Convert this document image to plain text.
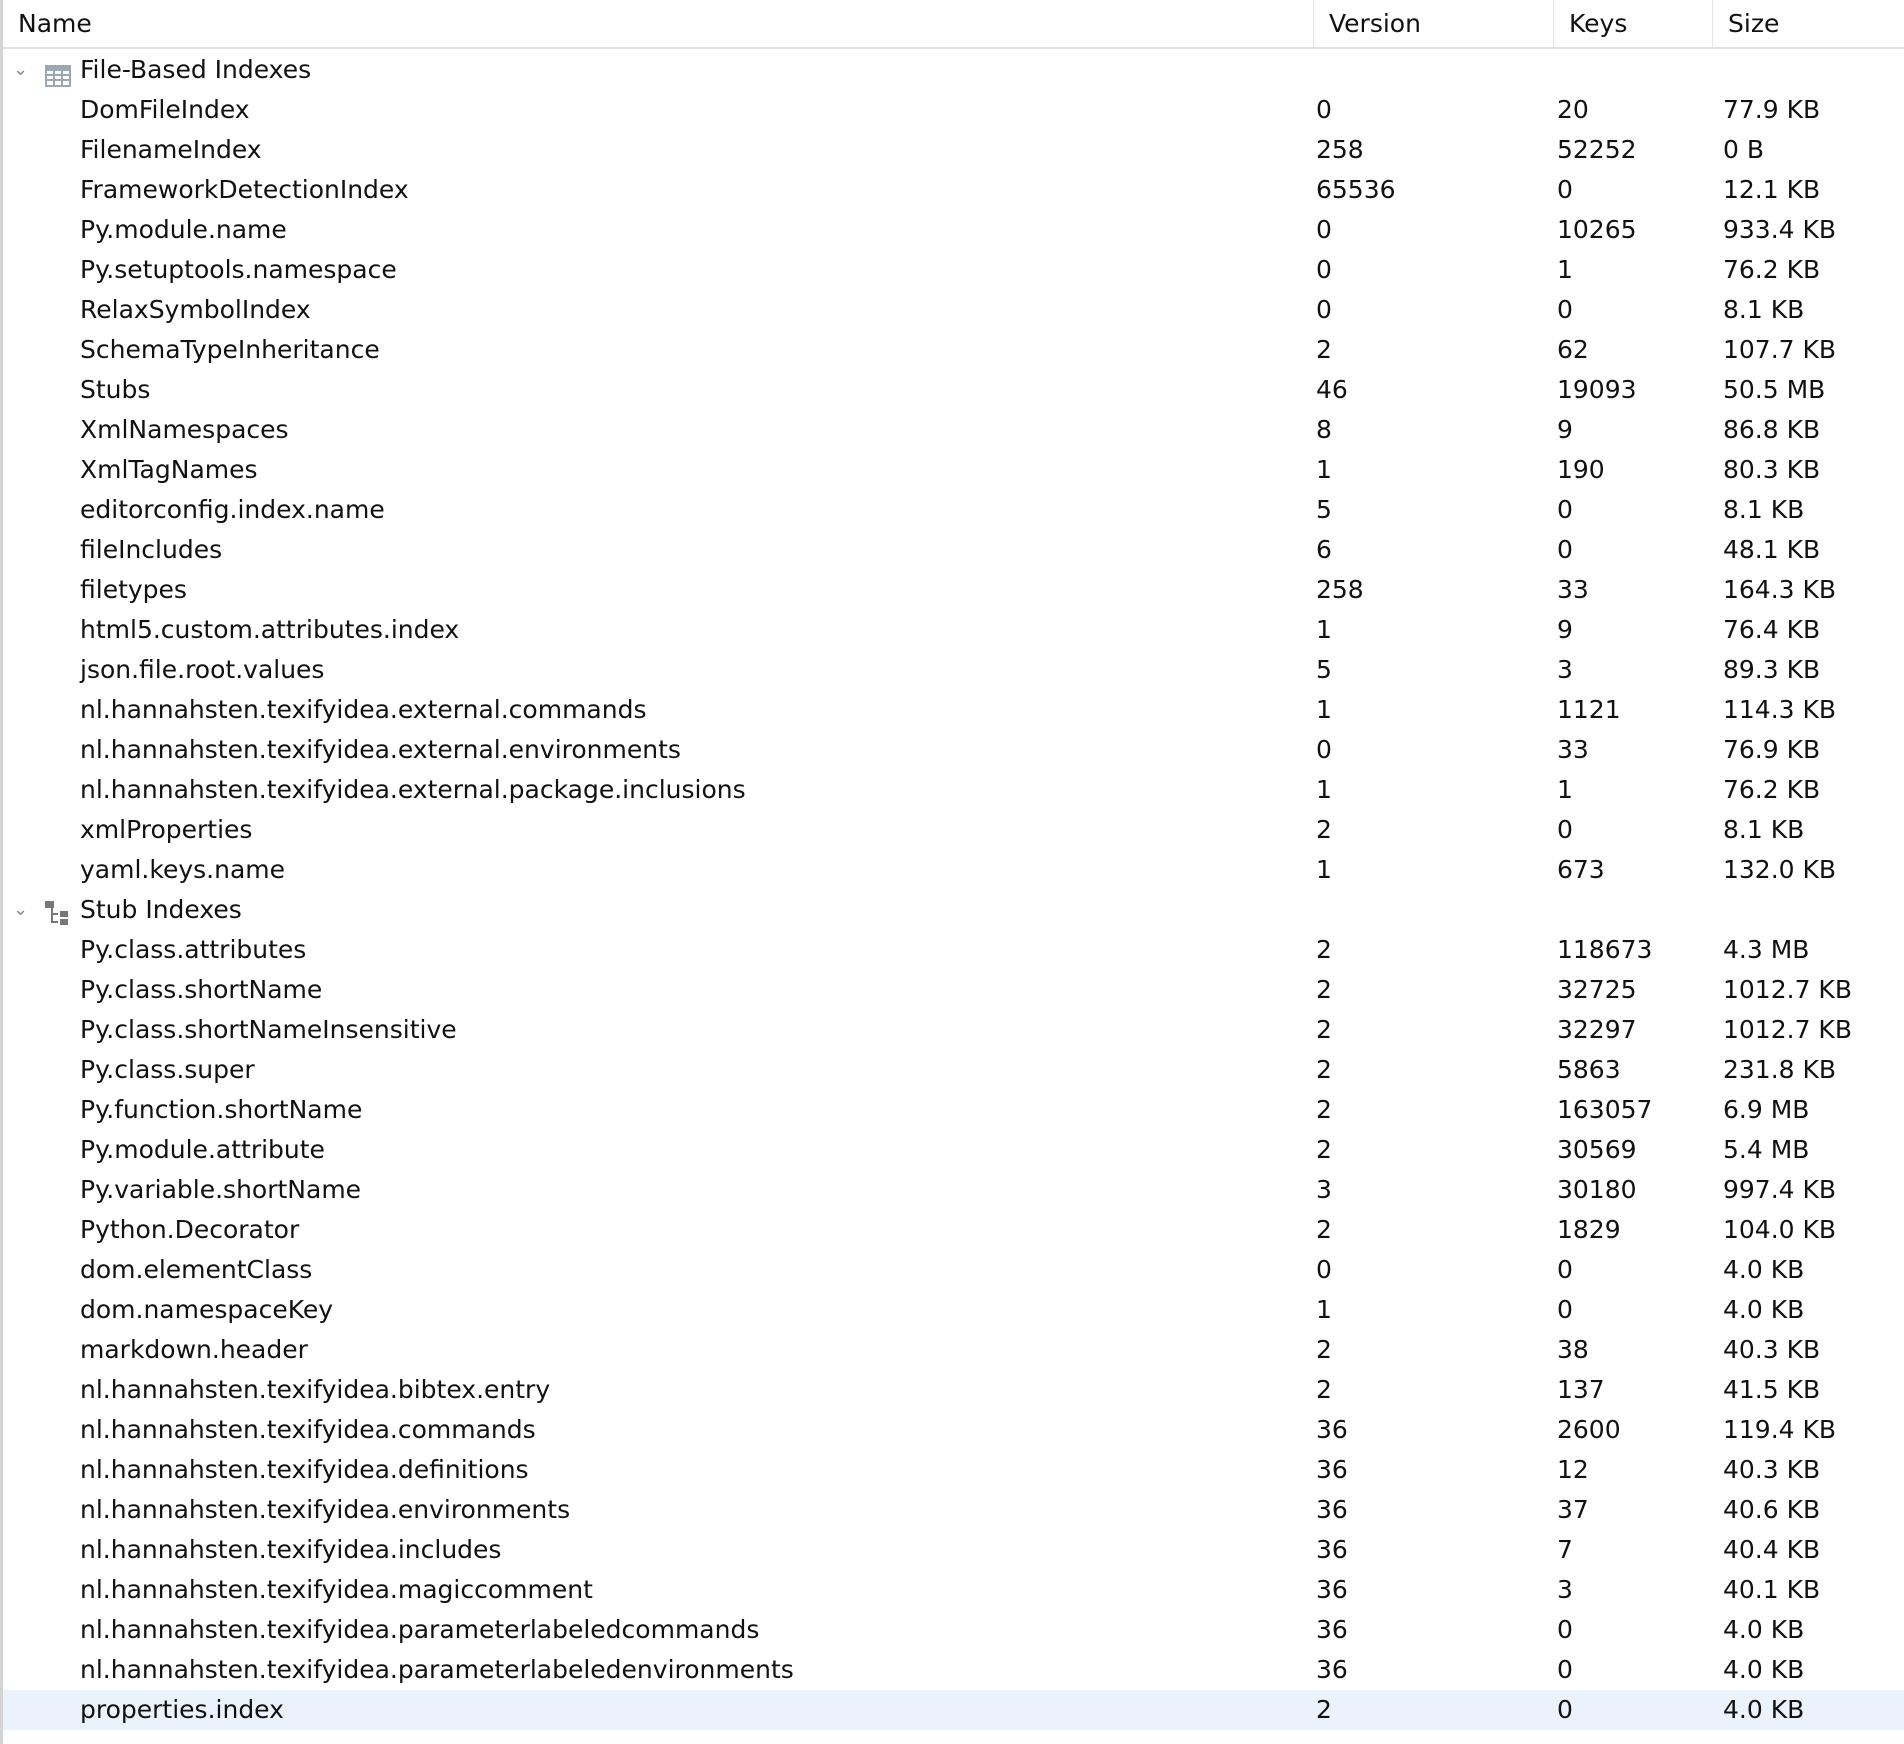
Name	Version	Keys	Size
⌄ File-Based Indexes
DomFileIndex	0	20	77.9 KB
FilenameIndex	258	52252	0 B
FrameworkDetectionIndex	65536	0	12.1 KB
Py.module.name	0	10265	933.4 KB
Py.setuptools.namespace	0	1	76.2 KB
RelaxSymbolIndex	0	0	8.1 KB
SchemaTypeInheritance	2	62	107.7 KB
Stubs	46	19093	50.5 MB
XmlNamespaces	8	9	86.8 KB
XmlTagNames	1	190	80.3 KB
editorconfig.index.name	5	0	8.1 KB
fileIncludes	6	0	48.1 KB
filetypes	258	33	164.3 KB
html5.custom.attributes.index	1	9	76.4 KB
json.file.root.values	5	3	89.3 KB
nl.hannahsten.texifyidea.external.commands	1	1121	114.3 KB
nl.hannahsten.texifyidea.external.environments	0	33	76.9 KB
nl.hannahsten.texifyidea.external.package.inclusions	1	1	76.2 KB
xmlProperties	2	0	8.1 KB
yaml.keys.name	1	673	132.0 KB
⌄ Stub Indexes
Py.class.attributes	2	118673	4.3 MB
Py.class.shortName	2	32725	1012.7 KB
Py.class.shortNameInsensitive	2	32297	1012.7 KB
Py.class.super	2	5863	231.8 KB
Py.function.shortName	2	163057	6.9 MB
Py.module.attribute	2	30569	5.4 MB
Py.variable.shortName	3	30180	997.4 KB
Python.Decorator	2	1829	104.0 KB
dom.elementClass	0	0	4.0 KB
dom.namespaceKey	1	0	4.0 KB
markdown.header	2	38	40.3 KB
nl.hannahsten.texifyidea.bibtex.entry	2	137	41.5 KB
nl.hannahsten.texifyidea.commands	36	2600	119.4 KB
nl.hannahsten.texifyidea.definitions	36	12	40.3 KB
nl.hannahsten.texifyidea.environments	36	37	40.6 KB
nl.hannahsten.texifyidea.includes	36	7	40.4 KB
nl.hannahsten.texifyidea.magiccomment	36	3	40.1 KB
nl.hannahsten.texifyidea.parameterlabeledcommands	36	0	4.0 KB
nl.hannahsten.texifyidea.parameterlabeledenvironments	36	0	4.0 KB
properties.index	2	0	4.0 KB
